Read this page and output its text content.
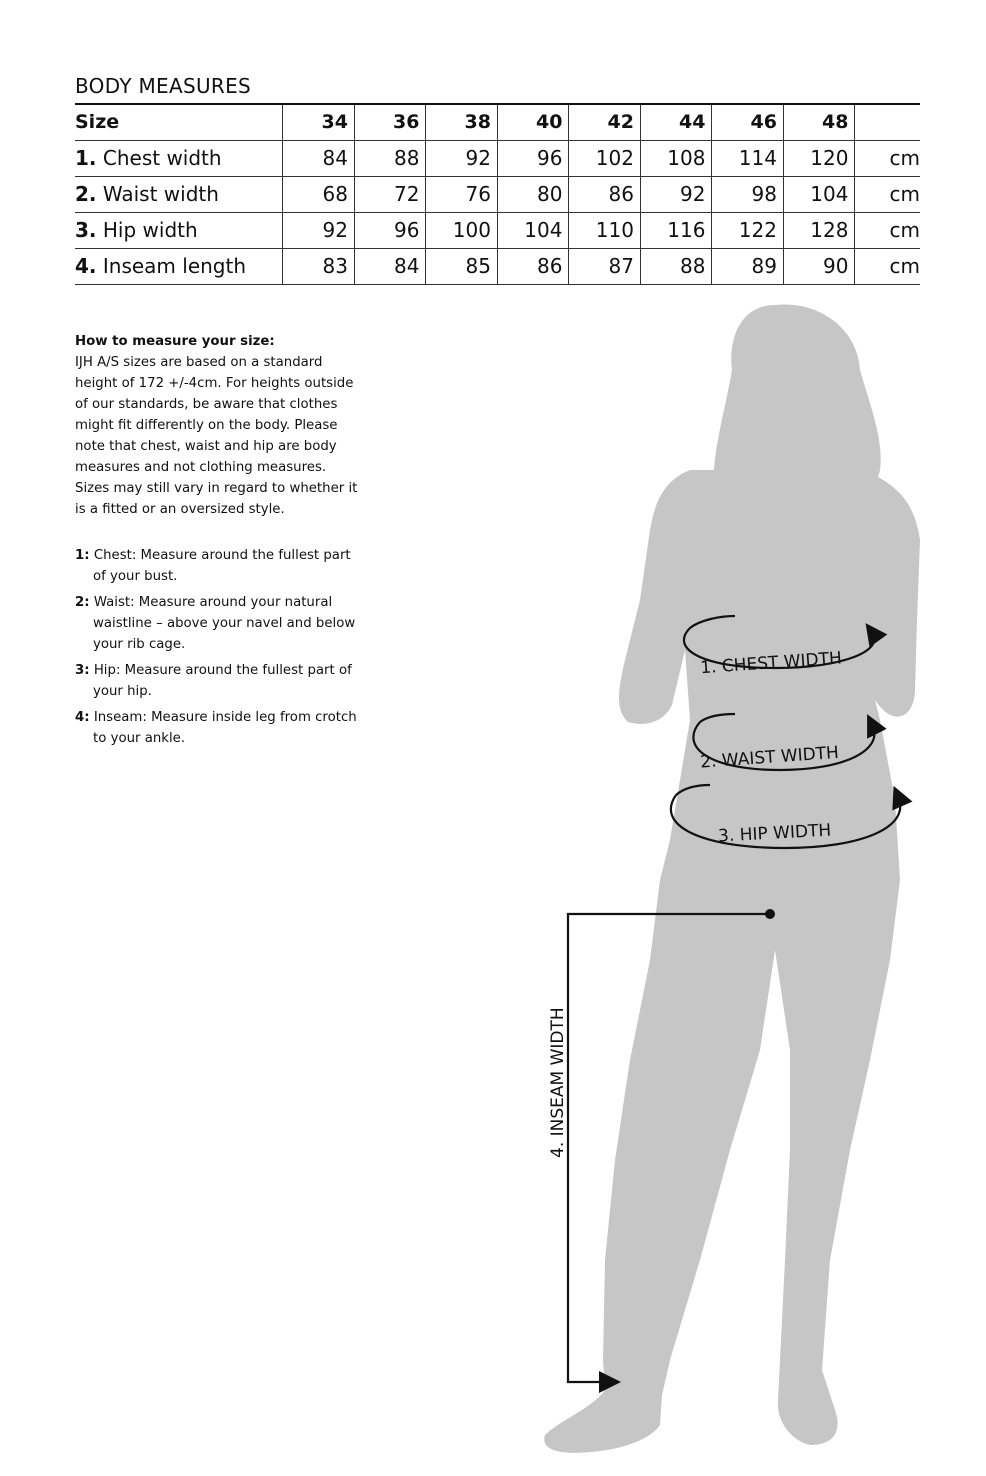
BODY MEASURES
Size	34	36	38	40	42	44	46	48	
1. Chest width	84	88	92	96	102	108	114	120	cm
2. Waist width	68	72	76	80	86	92	98	104	cm
3. Hip width	92	96	100	104	110	116	122	128	cm
4. Inseam length	83	84	85	86	87	88	89	90	cm
How to measure your size:
IJH A/S sizes are based on a standard
height of 172 +/-4cm. For heights outside
of our standards, be aware that clothes
might fit differently on the body. Please
note that chest, waist and hip are body
measures and not clothing measures.
Sizes may still vary in regard to whether it
is a fitted or an oversized style.
1: Chest: Measure around the fullest part of your bust.
2: Waist: Measure around your natural waistline – above your navel and below your rib cage.
3: Hip: Measure around the fullest part of your hip.
4: Inseam: Measure inside leg from crotch to your ankle.
1. CHEST WIDTH
2. WAIST WIDTH
3. HIP WIDTH
4. INSEAM WIDTH
